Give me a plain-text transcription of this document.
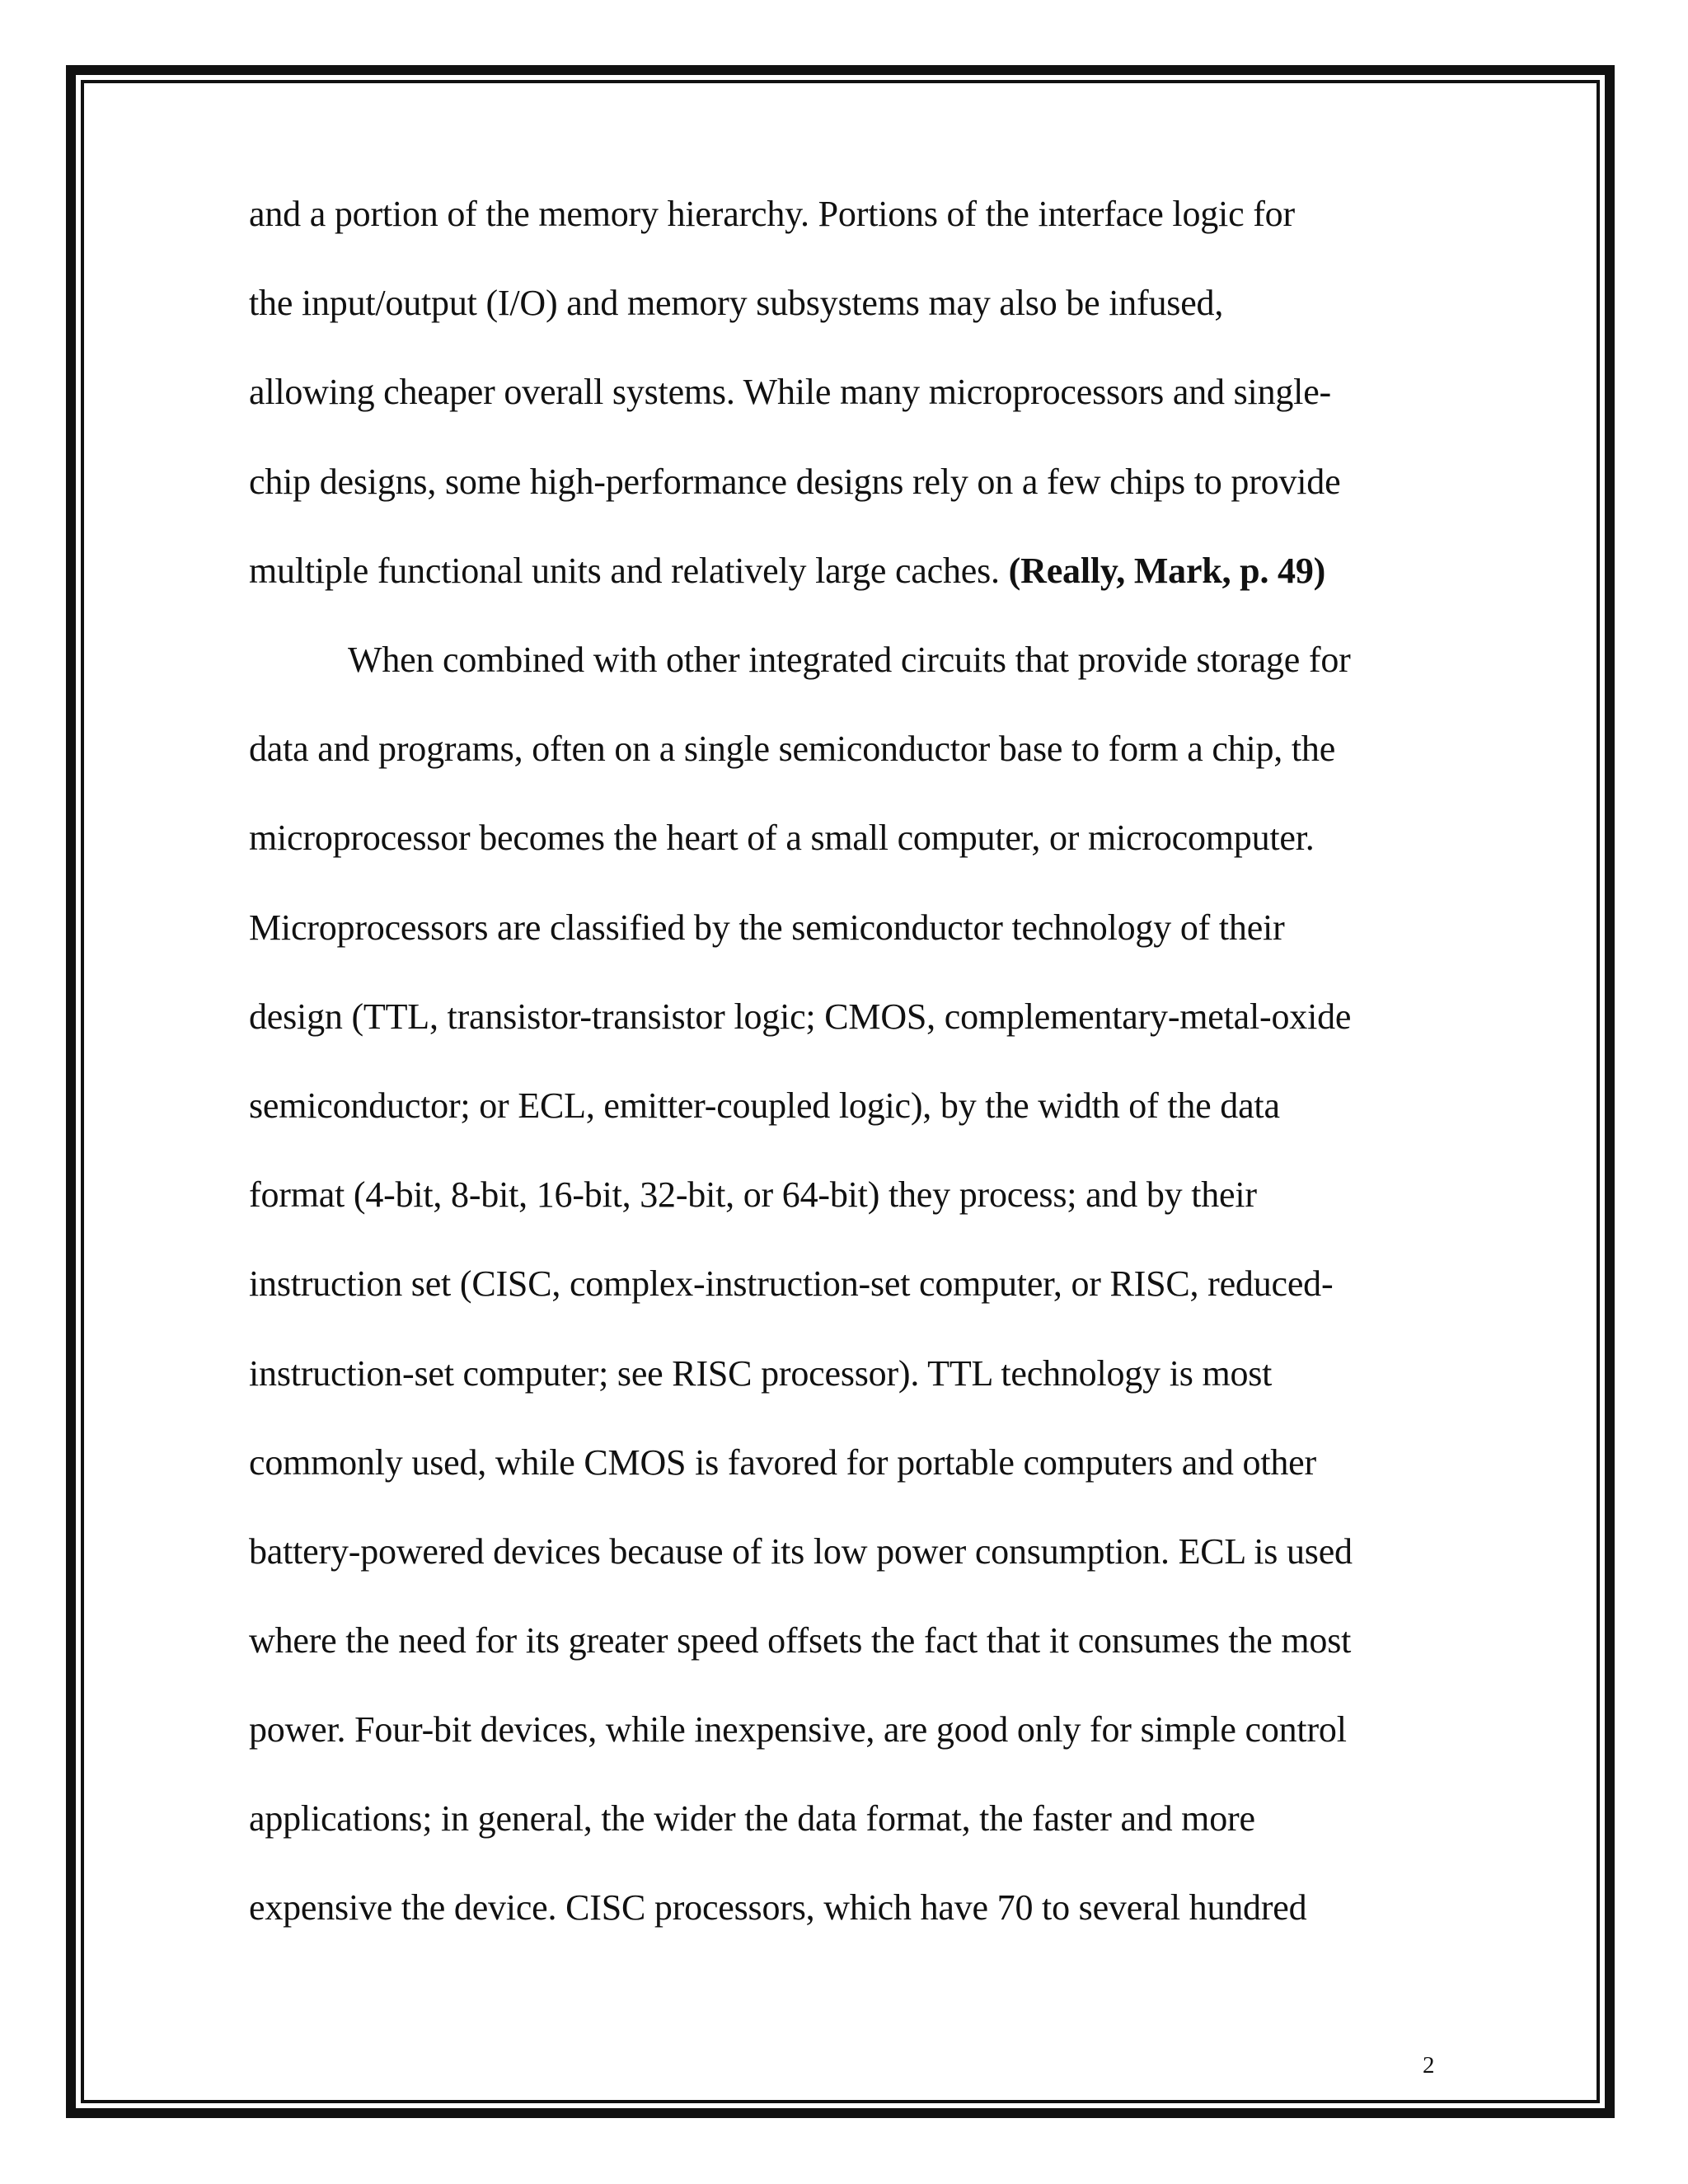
and a portion of the memory hierarchy. Portions of the interface logic for
the input/output (I/O) and memory subsystems may also be infused,
allowing cheaper overall systems. While many microprocessors and single-
chip designs, some high-performance designs rely on a few chips to provide
multiple functional units and relatively large caches. (Really, Mark, p. 49)
When combined with other integrated circuits that provide storage for
data and programs, often on a single semiconductor base to form a chip, the
microprocessor becomes the heart of a small computer, or microcomputer.
Microprocessors are classified by the semiconductor technology of their
design (TTL, transistor-transistor logic; CMOS, complementary-metal-oxide
semiconductor; or ECL, emitter-coupled logic), by the width of the data
format (4-bit, 8-bit, 16-bit, 32-bit, or 64-bit) they process; and by their
instruction set (CISC, complex-instruction-set computer, or RISC, reduced-
instruction-set computer; see RISC processor). TTL technology is most
commonly used, while CMOS is favored for portable computers and other
battery-powered devices because of its low power consumption. ECL is used
where the need for its greater speed offsets the fact that it consumes the most
power. Four-bit devices, while inexpensive, are good only for simple control
applications; in general, the wider the data format, the faster and more
expensive the device. CISC processors, which have 70 to several hundred
2
